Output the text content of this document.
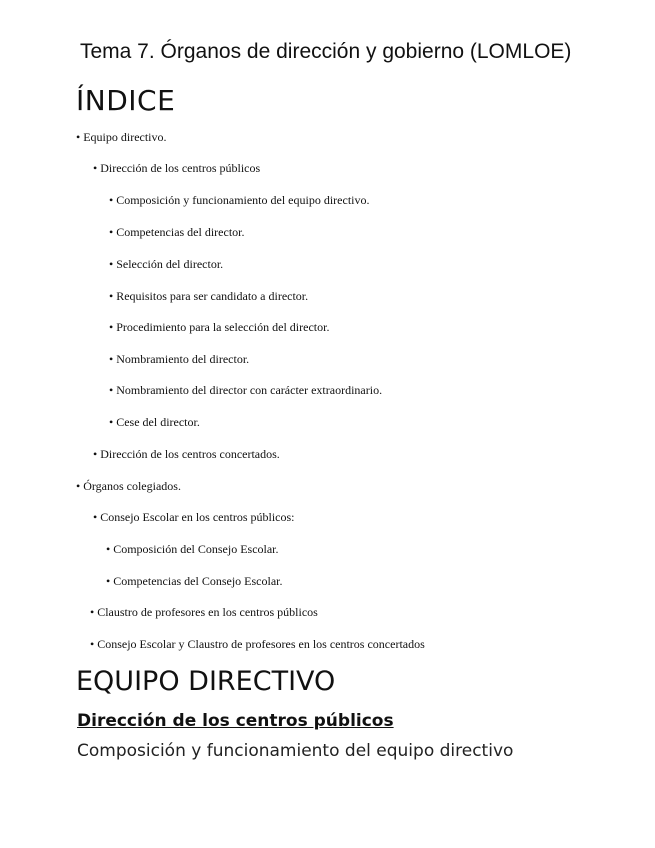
Tema 7. Órganos de dirección y gobierno (LOMLOE)
ÍNDICE
• Equipo directivo.
• Dirección de los centros públicos
• Composición y funcionamiento del equipo directivo.
• Competencias del director.
• Selección del director.
• Requisitos para ser candidato a director.
• Procedimiento para la selección del director.
• Nombramiento del director.
• Nombramiento del director con carácter extraordinario.
• Cese del director.
• Dirección de los centros concertados.
• Órganos colegiados.
• Consejo Escolar en los centros públicos:
• Composición del Consejo Escolar.
• Competencias del Consejo Escolar.
• Claustro de profesores en los centros públicos
• Consejo Escolar y Claustro de profesores en los centros concertados
EQUIPO DIRECTIVO
Dirección de los centros públicos
Composición y funcionamiento del equipo directivo
